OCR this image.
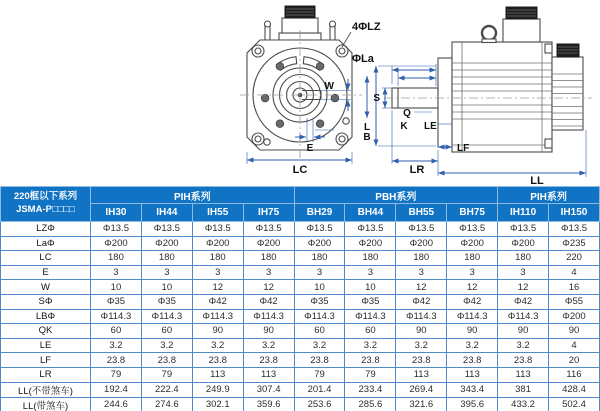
W
E
LC
4ΦLZ
ΦLa
L
B
S
Q
K LE
LF
LR
LL
220框以下系列
JSMA-P□□□□	PIH系列				PBH系列				PIH系列	
	IH30	IH44	IH55	IH75	BH29	BH44	BH55	BH75	IH110	IH150
LZΦ	Φ13.5	Φ13.5	Φ13.5	Φ13.5	Φ13.5	Φ13.5	Φ13.5	Φ13.5	Φ13.5	Φ13.5
LaΦ	Φ200	Φ200	Φ200	Φ200	Φ200	Φ200	Φ200	Φ200	Φ200	Φ235
LC	180	180	180	180	180	180	180	180	180	220
E	3	3	3	3	3	3	3	3	3	4
W	10	10	12	12	10	10	12	12	12	16
SΦ	Φ35	Φ35	Φ42	Φ42	Φ35	Φ35	Φ42	Φ42	Φ42	Φ55
LBΦ	Φ114.3	Φ114.3	Φ114.3	Φ114.3	Φ114.3	Φ114.3	Φ114.3	Φ114.3	Φ114.3	Φ200
QK	60	60	90	90	60	60	90	90	90	90
LE	3.2	3.2	3.2	3.2	3.2	3.2	3.2	3.2	3.2	4
LF	23.8	23.8	23.8	23.8	23.8	23.8	23.8	23.8	23.8	20
LR	79	79	113	113	79	79	113	113	113	116
LL(不带煞车)	192.4	222.4	249.9	307.4	201.4	233.4	269.4	343.4	381	428.4
LL(带煞车)	244.6	274.6	302.1	359.6	253.6	285.6	321.6	395.6	433.2	502.4
